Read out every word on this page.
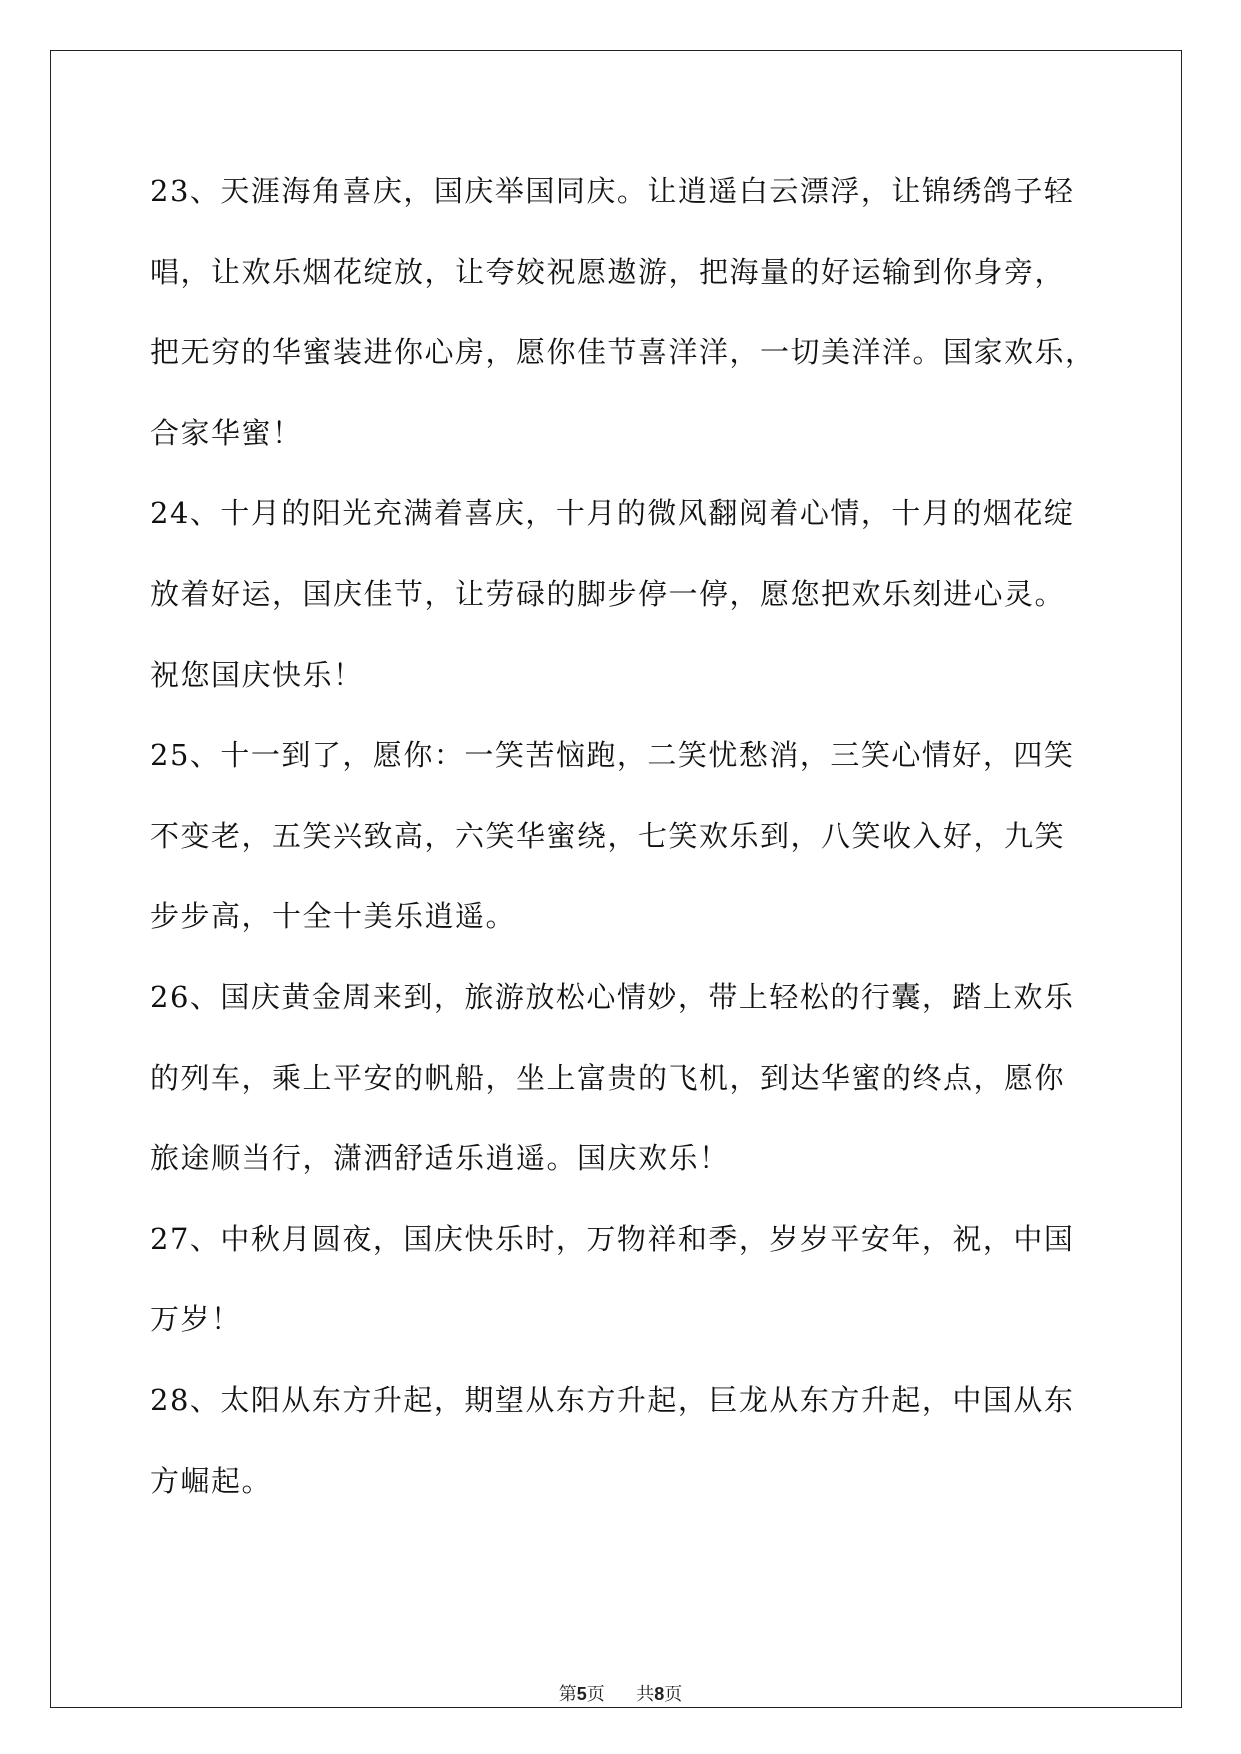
23、天涯海角喜庆，国庆举国同庆。让逍遥白云漂浮，让锦绣鸽子轻
唱，让欢乐烟花绽放，让夸姣祝愿遨游，把海量的好运输到你身旁，
把无穷的华蜜装进你心房，愿你佳节喜洋洋，一切美洋洋。国家欢乐，
合家华蜜！
24、十月的阳光充满着喜庆，十月的微风翻阅着心情，十月的烟花绽
放着好运，国庆佳节，让劳碌的脚步停一停，愿您把欢乐刻进心灵。
祝您国庆快乐！
25、十一到了，愿你：一笑苦恼跑，二笑忧愁消，三笑心情好，四笑
不变老，五笑兴致高，六笑华蜜绕，七笑欢乐到，八笑收入好，九笑
步步高，十全十美乐逍遥。
26、国庆黄金周来到，旅游放松心情妙，带上轻松的行囊，踏上欢乐
的列车，乘上平安的帆船，坐上富贵的飞机，到达华蜜的终点，愿你
旅途顺当行，潇洒舒适乐逍遥。国庆欢乐！
27、中秋月圆夜，国庆快乐时，万物祥和季，岁岁平安年，祝，中国
万岁！
28、太阳从东方升起，期望从东方升起，巨龙从东方升起，中国从东
方崛起。
第5页 共8页
